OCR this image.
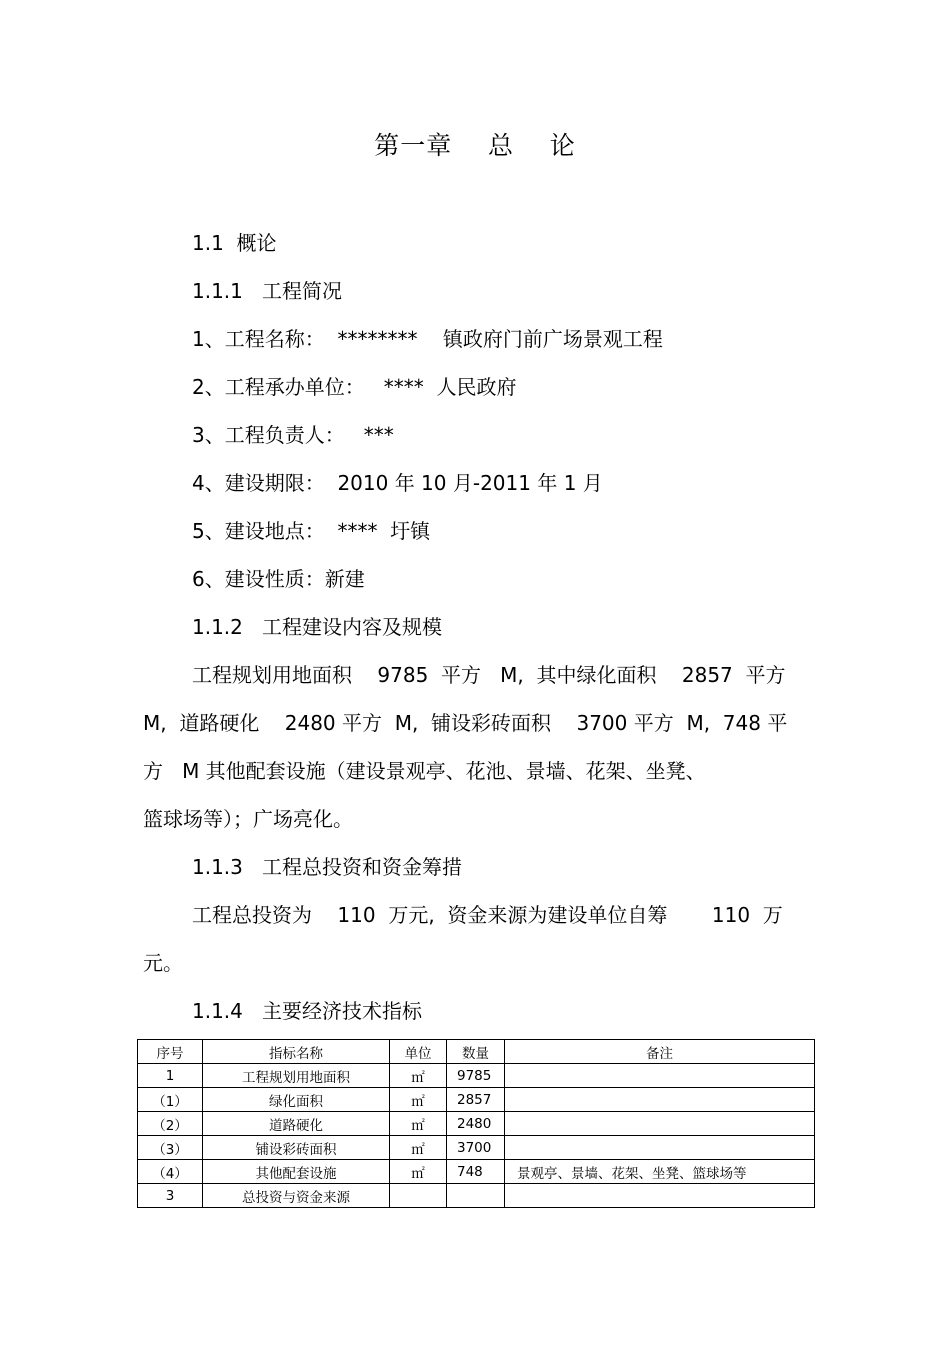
第一章    总    论
1.1  概论
1.1.1   工程简况
1、工程名称：  ********    镇政府门前广场景观工程
2、工程承办单位：   ****  人民政府
3、工程负责人：   ***
4、建设期限：  2010 年 10 月-2011 年 1 月
5、建设地点：  ****  圩镇
6、建设性质：新建
1.1.2   工程建设内容及规模
工程规划用地面积    9785  平方   M,  其中绿化面积    2857  平方
M,  道路硬化    2480 平方  M,  铺设彩砖面积    3700 平方  M,  748 平
方   M 其他配套设施（建设景观亭、花池、景墙、花架、坐凳、
篮球场等）；广场亮化。
1.1.3   工程总投资和资金筹措
工程总投资为    110  万元,  资金来源为建设单位自筹       110  万
元。
1.1.4   主要经济技术指标
序号	指标名称	单位	数量	备注
1	工程规划用地面积	㎡	9785	
（1）	绿化面积	㎡	2857	
（2）	道路硬化	㎡	2480	
（3）	铺设彩砖面积	㎡	3700	
（4）	其他配套设施	㎡	748	景观亭、景墙、花架、坐凳、篮球场等
3	总投资与资金来源			
